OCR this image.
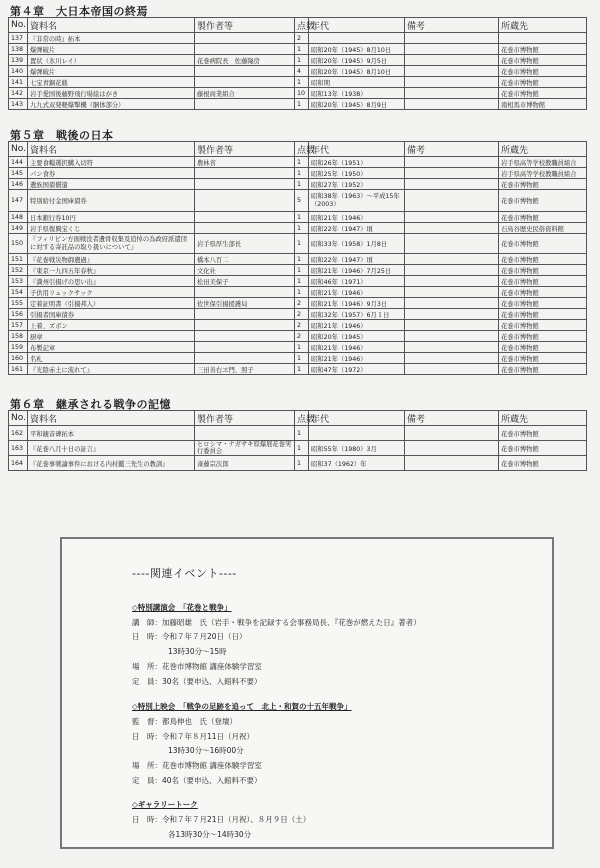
第４章　大日本帝国の終焉
No.	資料名	製作者等	点数	年代	備考	所蔵先
137	『非常の時』拓本		2			
138	爆弾破片		1	昭和20年（1945）8月10日		花巻市博物館
139	置状（氷川レイ）	花巻病院長　佐藤隆房	1	昭和20年（1945）9月5日		花巻市博物館
140	爆弾破片		4	昭和20年（1945）8月10日		花巻市博物館
141	七宝青銅花瓶		1	昭和期		花巻市博物館
142	岩手愛国後藤野飛行場絵はがき	藤根商業組合	10	昭和13年（1938）		花巻市博物館
143	九九式双発軽爆撃機（胴体部分）		1	昭和20年（1945）8月9日		南相馬市博物館
第５章　戦後の日本
No.	資料名	製作者等	点数	年代	備考	所蔵先
144	主要食糧選択購入切符	農林省	1	昭和26年（1951）		岩手県高等学校教職員組合
145	パン食券		1	昭和25年（1950）		岩手県高等学校教職員組合
146	遺族国債償還		1	昭和27年（1952）		花巻市博物館
147	特別給付金国庫債券		5	昭和38年（1963）〜平成15年（2003）		花巻市博物館
148	日本銀行券10円		1	昭和21年（1946）		花巻市博物館
149	岩手県復興宝くじ		1	昭和22年（1947）頃		石鳥谷歴史民俗資料館
150	『フィリピン方面戦没者遺骨収集及追悼の為政府派遣団に対する寄託品の取り扱いについて』	岩手県厚生部長	1	昭和33年（1958）1月8日		花巻市博物館
151	『花巻戦災物御遺過』	橋本八百二	1	昭和22年（1947）頃		花巻市博物館
152	『東京一九四五年春秋』	文化社	1	昭和21年（1946）7月25日		花巻市博物館
153	『満州引揚げの思い出』	松田美保子	1	昭和46年（1971）		花巻市博物館
154	子供用リュックサック		1	昭和21年（1946）		花巻市博物館
155	定着証明書（引揚邦人）	佐世保引揚援護局	2	昭和21年（1946）9月3日		花巻市博物館
156	引揚者国庫債券		2	昭和32年（1957）6月１日		花巻市博物館
157	上着、ズボン		2	昭和21年（1946）		花巻市博物館
158	厨章		2	昭和20年（1945）		花巻市博物館
159	布製記章		1	昭和21年（1946）		花巻市博物館
160	名札		1	昭和21年（1946）		花巻市博物館
161	『光陰赤土に流れて』	三田善右ヱ門、照子	1	昭和47年（1972）		花巻市博物館
第６章　継承される戦争の記憶
No.	資料名	製作者等	点数	年代	備考	所蔵先
162	平和観音碑拓本		1			花巻市博物館
163	『花巻八月十日の証言』	ヒロシマ・ナガサキ原爆展花巻実行委員会	1	昭和55年（1980）3月		花巻市博物館
164	『花巻事戦論事件における内村鑑三先生の教訓』	斎藤宗次郎	1	昭和37（1962）年		花巻市博物館
----関連イベント----
◇特別講演会　「花巻と戦争」
講　師：加藤昭雄　氏（岩手・戦争を記録する会事務局長、『花巻が燃えた日』著者）
日　時：令和７年７月20日（日）
13時30分～15時
場　所：花巻市博物館 講座体験学習室
定　員：30名（要申込、入館料不要）
◇特別上映会　「戦争の足跡を追って　北上・和賀の十五年戦争」
監　督：都鳥伸也　氏（登壇）
日　時：令和７年８月11日（月祝）
13時30分～16時00分
場　所：花巻市博物館 講座体験学習室
定　員：40名（要申込、入館料不要）
◇ギャラリートーク
日　時：令和７年７月21日（月祝）、８月９日（土）
各13時30分～14時30分
